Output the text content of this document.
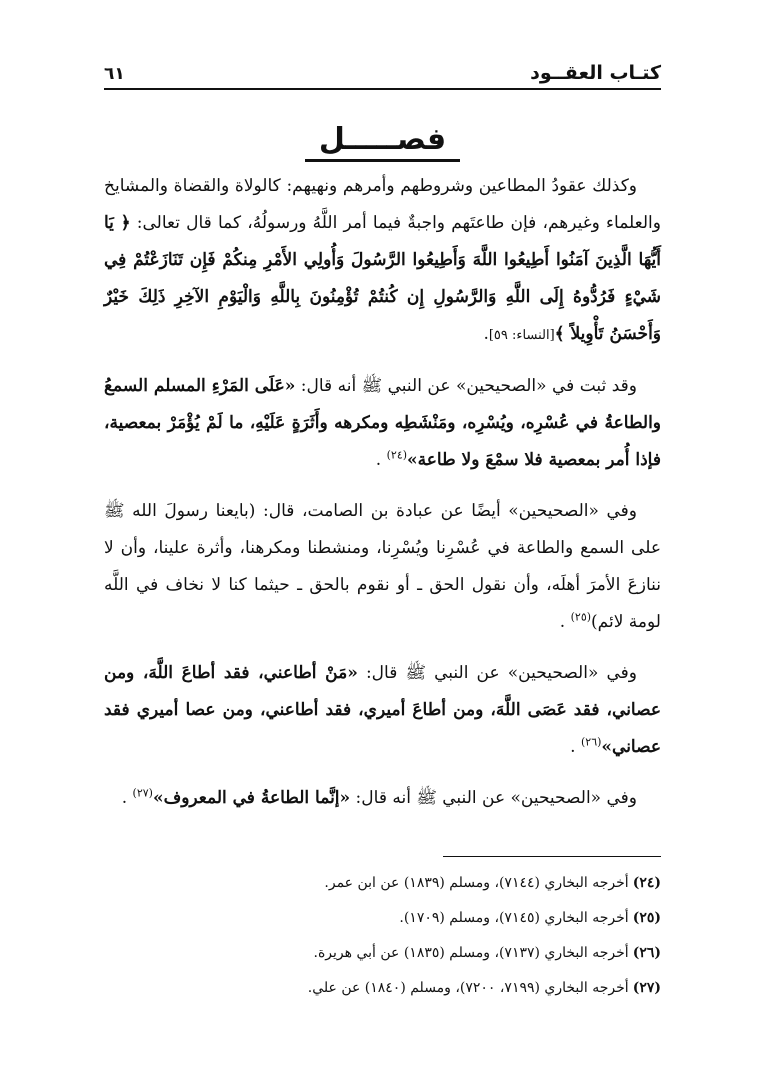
كتـاب العقــود
٦١
فصـــــل

وكذلك عقودُ المطاعين وشروطهم وأمرهم ونهيهم: كالولاة والقضاة والمشايخ والعلماء وغيرهم، فإن طاعتَهم واجبةٌ فيما أمر اللَّهُ ورسولُهُ، كما قال تعالى: ﴿ يَا أَيُّهَا الَّذِينَ آمَنُوا أَطِيعُوا اللَّهَ وَأَطِيعُوا الرَّسُولَ وَأُولِي الأَمْرِ مِنكُمْ فَإِن تَنَازَعْتُمْ فِي شَيْءٍ فَرُدُّوهُ إِلَى اللَّهِ وَالرَّسُولِ إِن كُنتُمْ تُؤْمِنُونَ بِاللَّهِ وَالْيَوْمِ الآخِرِ ذَلِكَ خَيْرٌ وَأَحْسَنُ تَأْوِيلاً ﴾[النساء: ٥٩].

وقد ثبت في «الصحيحين» عن النبي ﷺ أنه قال: «عَلَى المَرْءِ المسلم السمعُ والطاعةُ في عُسْرِه، ويُسْرِه، ومَنْشَطِه ومكرهه وأَثَرَةٍ عَلَيْهِ، ما لَمْ يُؤْمَرْ بمعصية، فإذا أُمر بمعصية فلا سمْعَ ولا طاعة»$^{(٢٤)}$ .

وفي «الصحيحين» أيضًا عن عبادة بن الصامت، قال: (بايعنا رسولَ الله ﷺ على السمع والطاعة في عُسْرِنا ويُسْرِنا، ومنشطنا ومكرهنا، وأثرة علينا، وأن لا ننازعَ الأمرَ أهلَه، وأن نقول الحق ـ أو نقوم بالحق ـ حيثما كنا لا نخاف في اللَّه لومة لائم)$^{(٢٥)}$ .

وفي «الصحيحين» عن النبي ﷺ قال: «مَنْ أطاعني، فقد أطاعَ اللَّهَ، ومن عصاني، فقد عَصَى اللَّهَ، ومن أطاعَ أميري، فقد أطاعني، ومن عصا أميري فقد عصاني»$^{(٢٦)}$ .

وفي «الصحيحين» عن النبي ﷺ أنه قال: «إنَّما الطاعةُ في المعروف»$^{(٢٧)}$ .

(٢٤)أخرجه البخاري (٧١٤٤)، ومسلم (١٨٣٩) عن ابن عمر.
(٢٥)أخرجه البخاري (٧١٤٥)، ومسلم (١٧٠٩).
(٢٦)أخرجه البخاري (٧١٣٧)، ومسلم (١٨٣٥) عن أبي هريرة.
(٢٧)أخرجه البخاري (٧١٩٩، ٧٢٠٠)، ومسلم (١٨٤٠) عن علي.
